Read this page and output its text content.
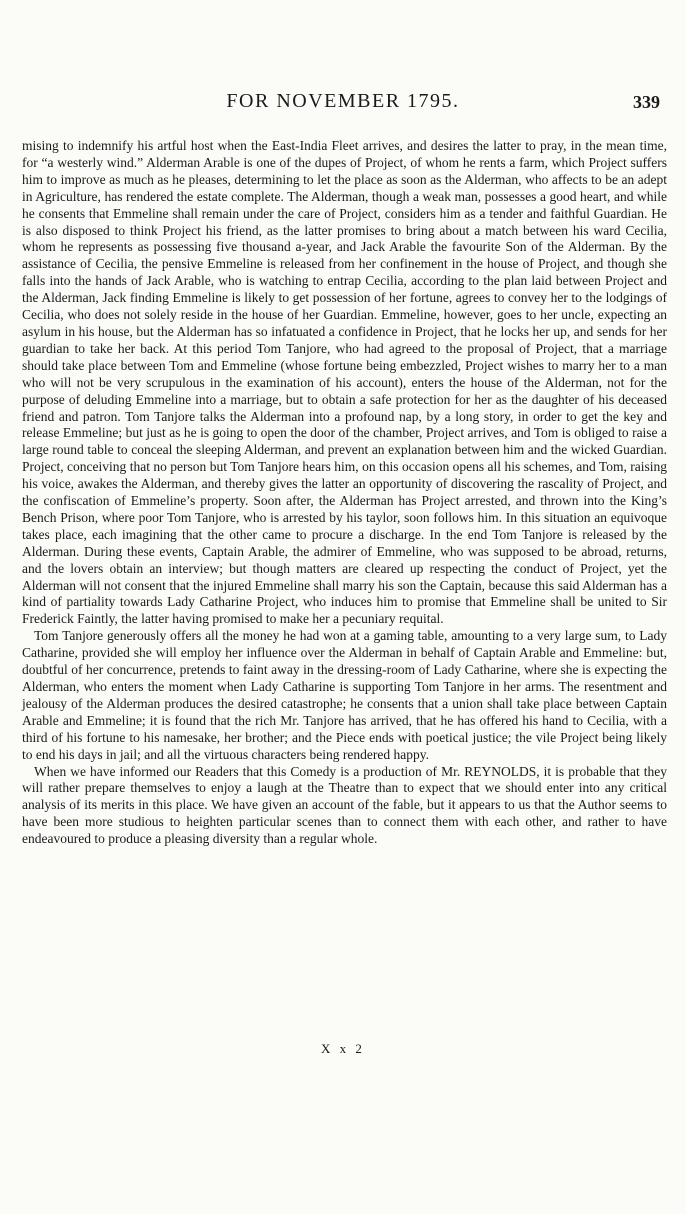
FOR NOVEMBER 1795.	339

mising to indemnify his artful host when the East-India Fleet arrives, and desires the latter to pray, in the mean time, for “a westerly wind.” Alderman Arable is one of the dupes of Project, of whom he rents a farm, which Project suffers him to improve as much as he pleases, determining to let the place as soon as the Alderman, who affects to be an adept in Agriculture, has rendered the estate complete. The Alderman, though a weak man, possesses a good heart, and while he consents that Emmeline shall remain under the care of Project, considers him as a tender and faithful Guardian. He is also disposed to think Project his friend, as the latter promises to bring about a match between his ward Cecilia, whom he represents as possessing five thousand a-year, and Jack Arable the favourite Son of the Alderman. By the assistance of Cecilia, the pensive Emmeline is released from her confinement in the house of Project, and though she falls into the hands of Jack Arable, who is watching to entrap Cecilia, according to the plan laid between Project and the Alderman, Jack finding Emmeline is likely to get possession of her fortune, agrees to convey her to the lodgings of Cecilia, who does not solely reside in the house of her Guardian. Emmeline, however, goes to her uncle, expecting an asylum in his house, but the Alderman has so infatuated a confidence in Project, that he locks her up, and sends for her guardian to take her back. At this period Tom Tanjore, who had agreed to the proposal of Project, that a marriage should take place between Tom and Emmeline (whose fortune being embezzled, Project wishes to marry her to a man who will not be very scrupulous in the examination of his account), enters the house of the Alderman, not for the purpose of deluding Emmeline into a marriage, but to obtain a safe protection for her as the daughter of his deceased friend and patron. Tom Tanjore talks the Alderman into a profound nap, by a long story, in order to get the key and release Emmeline; but just as he is going to open the door of the chamber, Project arrives, and Tom is obliged to raise a large round table to conceal the sleeping Alderman, and prevent an explanation between him and the wicked Guardian. Project, conceiving that no person but Tom Tanjore hears him, on this occasion opens all his schemes, and Tom, raising his voice, awakes the Alderman, and thereby gives the latter an opportunity of discovering the rascality of Project, and the confiscation of Emmeline’s property. Soon after, the Alderman has Project arrested, and thrown into the King’s Bench Prison, where poor Tom Tanjore, who is arrested by his taylor, soon follows him. In this situation an equivoque takes place, each imagining that the other came to procure a discharge. In the end Tom Tanjore is released by the Alderman. During these events, Captain Arable, the admirer of Emmeline, who was supposed to be abroad, returns, and the lovers obtain an interview; but though matters are cleared up respecting the conduct of Project, yet the Alderman will not consent that the injured Emmeline shall marry his son the Captain, because this said Alderman has a kind of partiality towards Lady Catharine Project, who induces him to promise that Emmeline shall be united to Sir Frederick Faintly, the latter having promised to make her a pecuniary requital.

Tom Tanjore generously offers all the money he had won at a gaming table, amounting to a very large sum, to Lady Catharine, provided she will employ her influence over the Alderman in behalf of Captain Arable and Emmeline: but, doubtful of her concurrence, pretends to faint away in the dressing-room of Lady Catharine, where she is expecting the Alderman, who enters the moment when Lady Catharine is supporting Tom Tanjore in her arms. The resentment and jealousy of the Alderman produces the desired catastrophe; he consents that a union shall take place between Captain Arable and Emmeline; it is found that the rich Mr. Tanjore has arrived, that he has offered his hand to Cecilia, with a third of his fortune to his namesake, her brother; and the Piece ends with poetical justice; the vile Project being likely to end his days in jail; and all the virtuous characters being rendered happy.

When we have informed our Readers that this Comedy is a production of Mr. REYNOLDS, it is probable that they will rather prepare themselves to enjoy a laugh at the Theatre than to expect that we should enter into any critical analysis of its merits in this place. We have given an account of the fable, but it appears to us that the Author seems to have been more studious to heighten particular scenes than to connect them with each other, and rather to have endeavoured to produce a pleasing diversity than a regular whole.

X x 2
